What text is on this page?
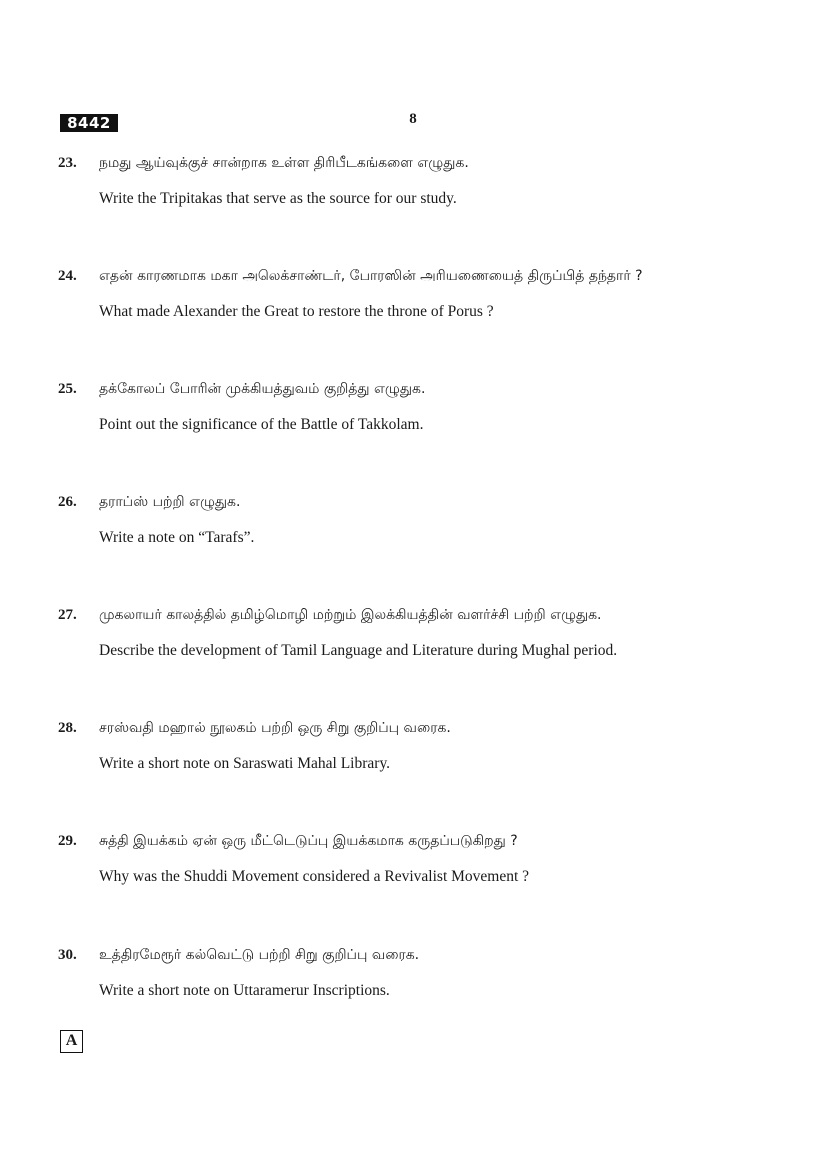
8442	8
23. நமது ஆய்வுக்குச் சான்றாக உள்ள திரிபீடகங்களை எழுதுக.
Write the Tripitakas that serve as the source for our study.
24. எதன் காரணமாக மகா அலெக்சாண்டர், போரஸின் அரியணையைத் திருப்பித் தந்தார் ?
What made Alexander the Great to restore the throne of Porus ?
25. தக்கோலப் போரின் முக்கியத்துவம் குறித்து எழுதுக.
Point out the significance of the Battle of Takkolam.
26. தராப்ஸ் பற்றி எழுதுக.
Write a note on “Tarafs”.
27. முகலாயர் காலத்தில் தமிழ்மொழி மற்றும் இலக்கியத்தின் வளர்ச்சி பற்றி எழுதுக.
Describe the development of Tamil Language and Literature during Mughal period.
28. சரஸ்வதி மஹால் நூலகம் பற்றி ஒரு சிறு குறிப்பு வரைக.
Write a short note on Saraswati Mahal Library.
29. சுத்தி இயக்கம் ஏன் ஒரு மீட்டெடுப்பு இயக்கமாக கருதப்படுகிறது ?
Why was the Shuddi Movement considered a Revivalist Movement ?
30. உத்திரமேரூர் கல்வெட்டு பற்றி சிறு குறிப்பு வரைக.
Write a short note on Uttaramerur Inscriptions.
A
